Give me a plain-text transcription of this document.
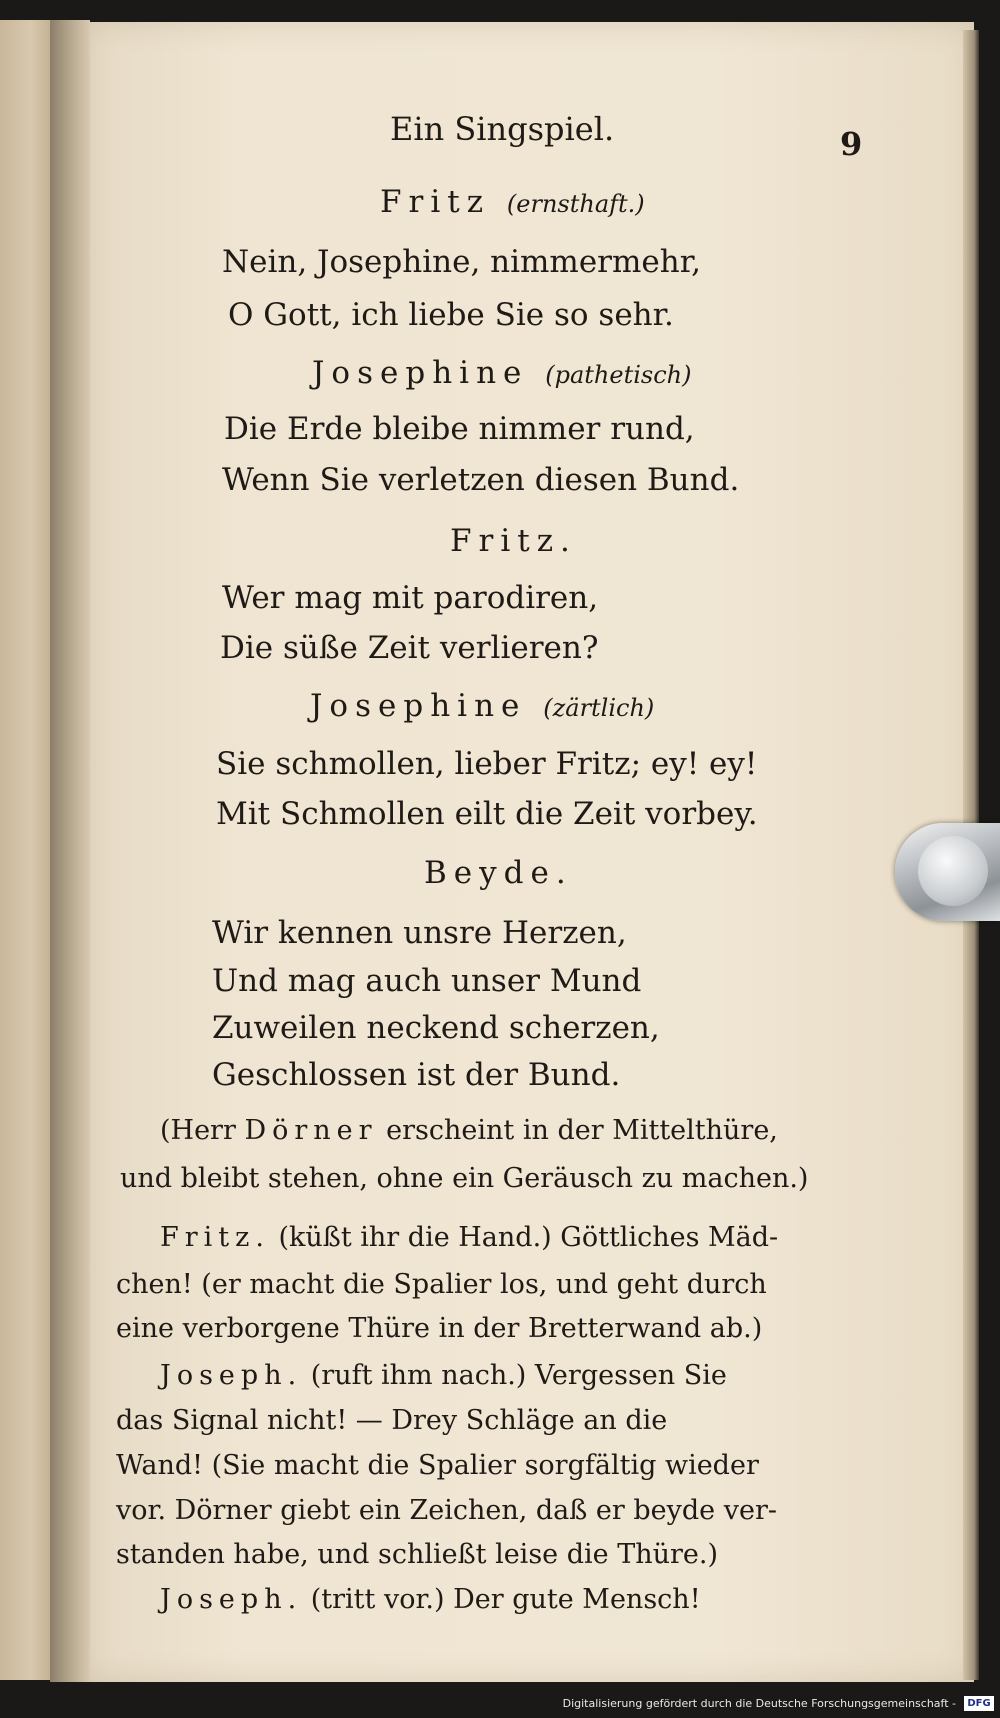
Ein Singspiel.	9
Fritz (ernsthaft.)
Nein, Josephine, nimmermehr,
O Gott, ich liebe Sie so sehr.
Josephine (pathetisch)
Die Erde bleibe nimmer rund,
Wenn Sie verletzen diesen Bund.
Fritz.
Wer mag mit parodiren,
Die süße Zeit verlieren?
Josephine (zärtlich)
Sie schmollen, lieber Fritz; ey! ey!
Mit Schmollen eilt die Zeit vorbey.
Beyde.
Wir kennen unsre Herzen,
Und mag auch unser Mund
Zuweilen neckend scherzen,
Geschlossen ist der Bund.
(Herr Dörner erscheint in der Mittelthüre,
und bleibt stehen, ohne ein Geräusch zu machen.)
Fritz. (küßt ihr die Hand.) Göttliches Mäd-
chen! (er macht die Spalier los, und geht durch
eine verborgene Thüre in der Bretterwand ab.)
Joseph. (ruft ihm nach.) Vergessen Sie
das Signal nicht! — Drey Schläge an die
Wand! (Sie macht die Spalier sorgfältig wieder
vor. Dörner giebt ein Zeichen, daß er beyde ver-
standen habe, und schließt leise die Thüre.)
Joseph. (tritt vor.) Der gute Mensch!
Digitalisierung gefördert durch die Deutsche Forschungsgemeinschaft -	DFG
